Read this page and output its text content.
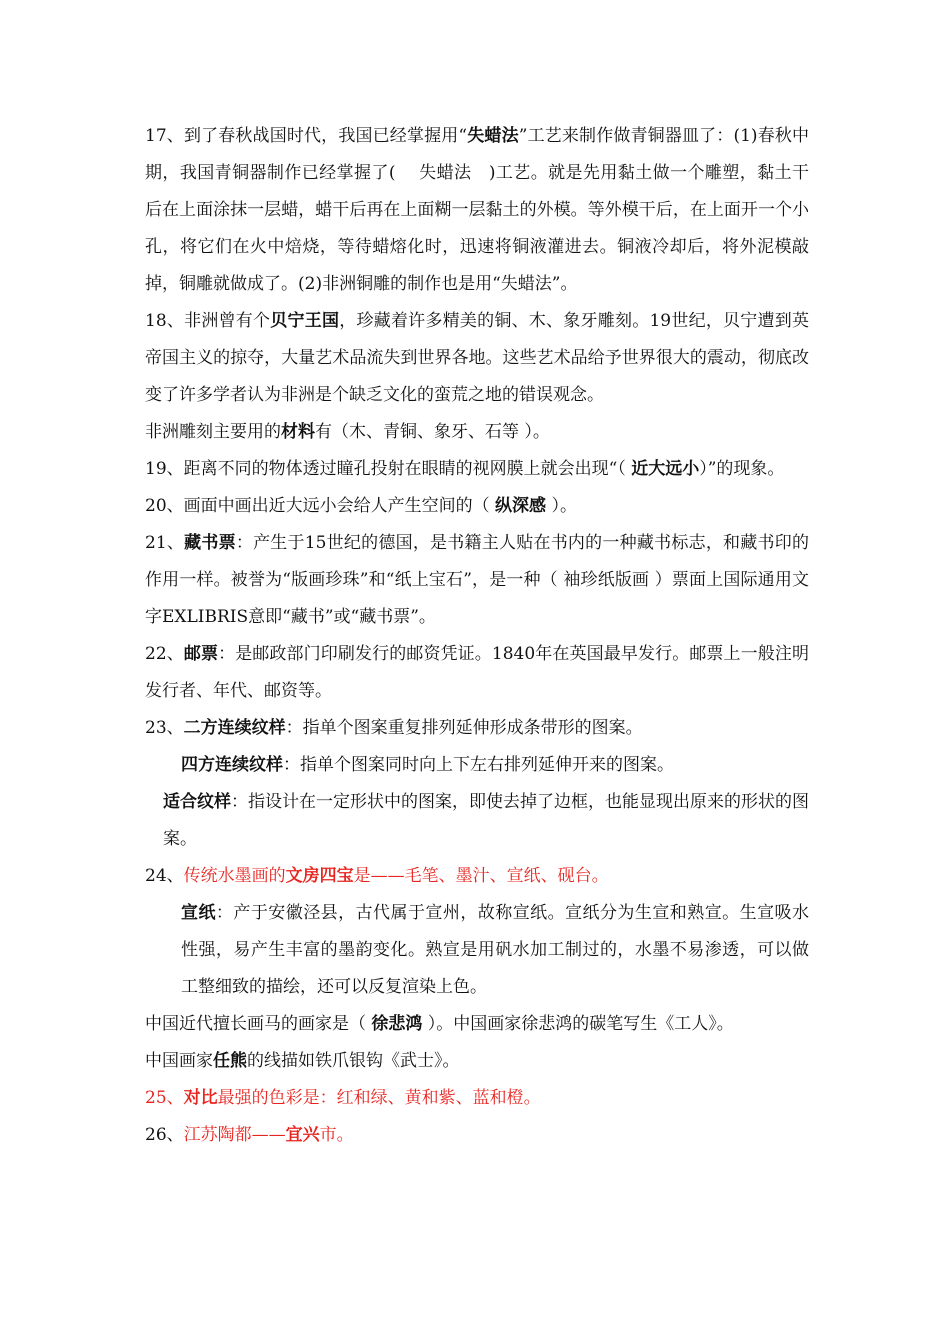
17、到了春秋战国时代，我国已经掌握用“失蜡法”工艺来制作做青铜器皿了：(1)春秋中期，我国青铜器制作已经掌握了(　 失蜡法　)工艺。就是先用黏土做一个雕塑，黏土干后在上面涂抹一层蜡，蜡干后再在上面糊一层黏土的外模。等外模干后，在上面开一个小孔，将它们在火中焙烧，等待蜡熔化时，迅速将铜液灌进去。铜液冷却后，将外泥模敲掉，铜雕就做成了。(2)非洲铜雕的制作也是用“失蜡法”。

18、非洲曾有个贝宁王国，珍藏着许多精美的铜、木、象牙雕刻。19世纪，贝宁遭到英帝国主义的掠夺，大量艺术品流失到世界各地。这些艺术品给予世界很大的震动，彻底改变了许多学者认为非洲是个缺乏文化的蛮荒之地的错误观念。

非洲雕刻主要用的材料有（木、青铜、象牙、石等 ）。

19、距离不同的物体透过瞳孔投射在眼睛的视网膜上就会出现“（ 近大远小）”的现象。

20、画面中画出近大远小会给人产生空间的（ 纵深感 ）。

21、藏书票：产生于15世纪的德国，是书籍主人贴在书内的一种藏书标志，和藏书印的作用一样。被誉为“版画珍珠”和“纸上宝石”，是一种（ 袖珍纸版画 ）票面上国际通用文字EXLIBRIS意即“藏书”或“藏书票”。

22、邮票：是邮政部门印刷发行的邮资凭证。1840年在英国最早发行。邮票上一般注明发行者、年代、邮资等。

23、二方连续纹样：指单个图案重复排列延伸形成条带形的图案。

四方连续纹样：指单个图案同时向上下左右排列延伸开来的图案。

适合纹样：指设计在一定形状中的图案，即使去掉了边框，也能显现出原来的形状的图案。

24、传统水墨画的文房四宝是——毛笔、墨汁、宣纸、砚台。

宣纸：产于安徽泾县，古代属于宣州，故称宣纸。宣纸分为生宣和熟宣。生宣吸水性强，易产生丰富的墨韵变化。熟宣是用矾水加工制过的，水墨不易渗透，可以做工整细致的描绘，还可以反复渲染上色。

中国近代擅长画马的画家是（ 徐悲鸿 ）。中国画家徐悲鸿的碳笔写生《工人》。

中国画家任熊的线描如铁爪银钩《武士》。

25、对比最强的色彩是：红和绿、黄和紫、蓝和橙。

26、江苏陶都——宜兴市。
